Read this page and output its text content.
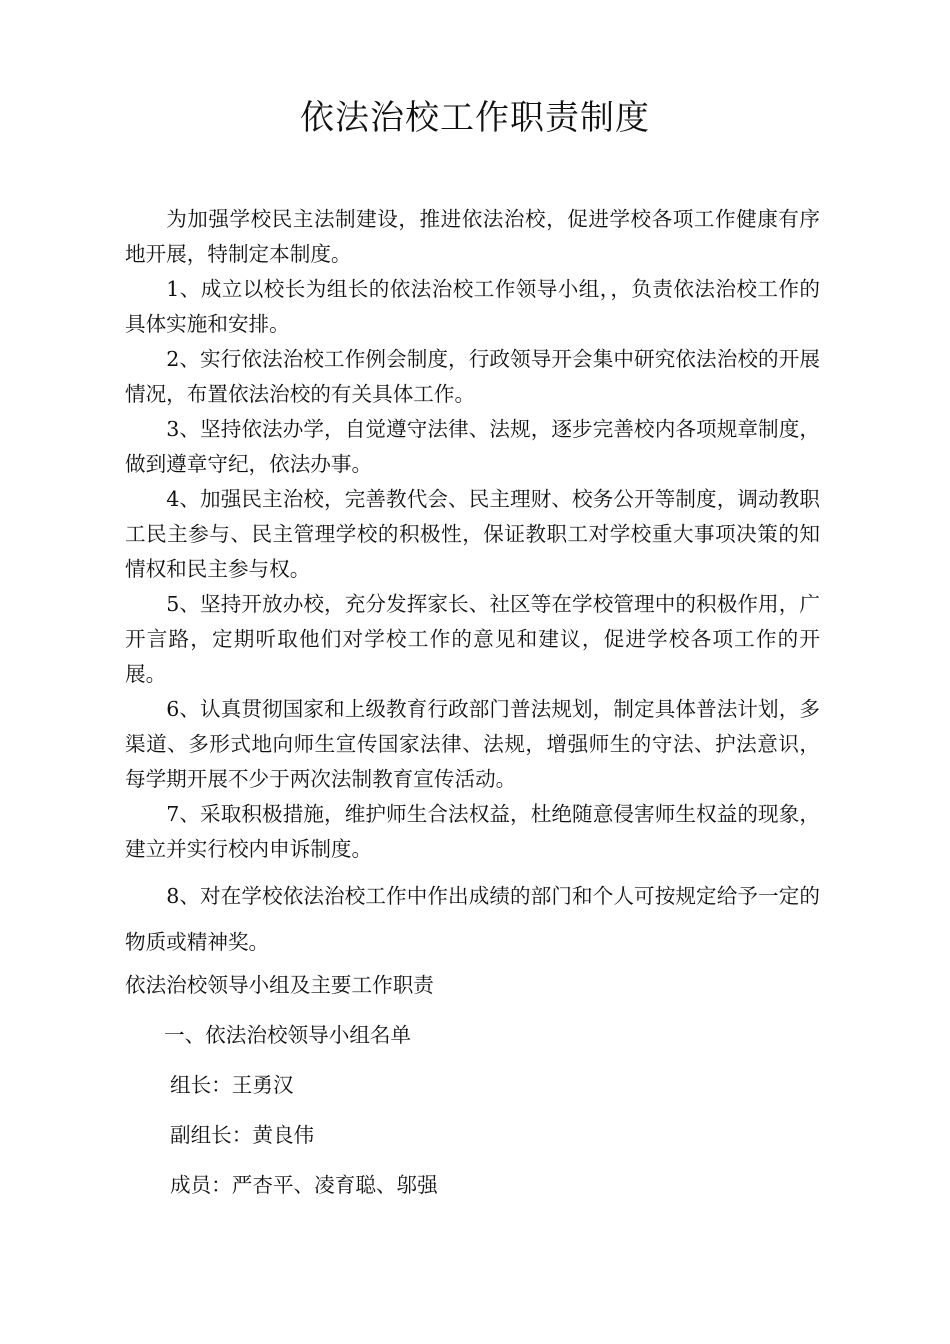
依法治校工作职责制度

为加强学校民主法制建设，推进依法治校，促进学校各项工作健康有序地开展，特制定本制度。

1、成立以校长为组长的依法治校工作领导小组，，负责依法治校工作的具体实施和安排。

2、实行依法治校工作例会制度，行政领导开会集中研究依法治校的开展情况，布置依法治校的有关具体工作。

3、坚持依法办学，自觉遵守法律、法规，逐步完善校内各项规章制度，做到遵章守纪，依法办事。

4、加强民主治校，完善教代会、民主理财、校务公开等制度，调动教职工民主参与、民主管理学校的积极性，保证教职工对学校重大事项决策的知情权和民主参与权。

5、坚持开放办校，充分发挥家长、社区等在学校管理中的积极作用，广开言路，定期听取他们对学校工作的意见和建议，促进学校各项工作的开展。

6、认真贯彻国家和上级教育行政部门普法规划，制定具体普法计划，多渠道、多形式地向师生宣传国家法律、法规，增强师生的守法、护法意识，每学期开展不少于两次法制教育宣传活动。

7、采取积极措施，维护师生合法权益，杜绝随意侵害师生权益的现象，建立并实行校内申诉制度。

8、对在学校依法治校工作中作出成绩的部门和个人可按规定给予一定的物质或精神奖。

依法治校领导小组及主要工作职责

一、依法治校领导小组名单

组长：王勇汉

副组长：黄良伟

成员：严杏平、凌育聪、邬强
